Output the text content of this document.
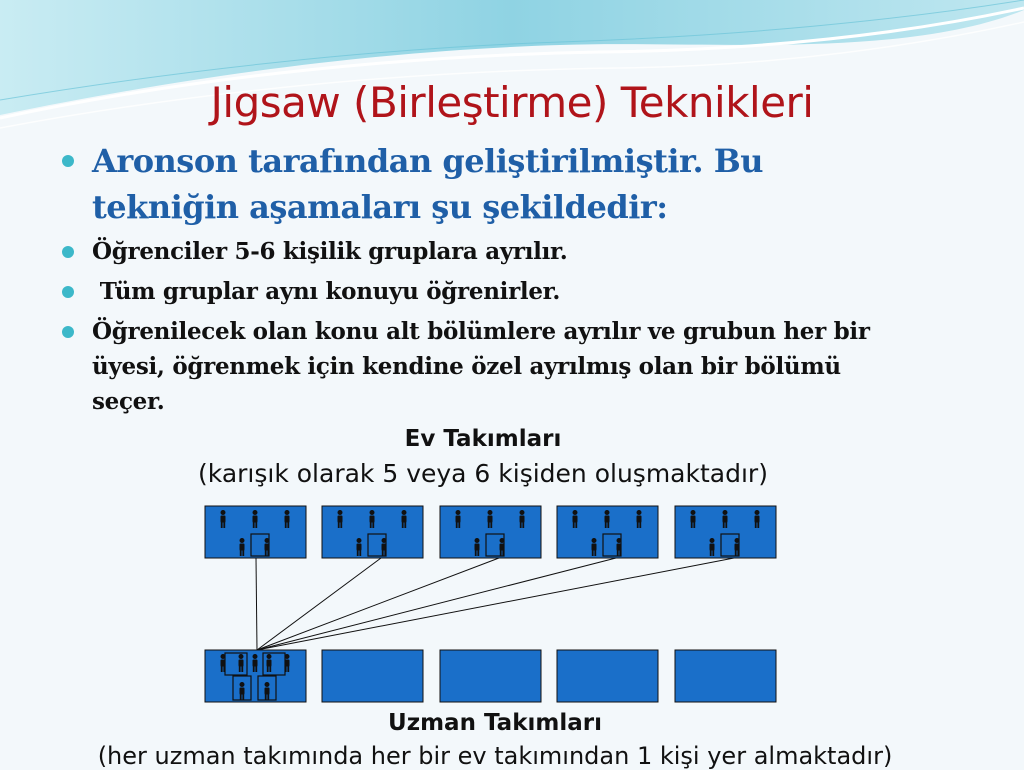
Jigsaw (Birleştirme) Teknikleri
Aronson tarafından geliştirilmiştir. Bu
tekniğin aşamaları şu şekildedir:
Öğrenciler 5-6 kişilik gruplara ayrılır.
Tüm gruplar aynı konuyu öğrenirler.
Öğrenilecek olan konu alt bölümlere ayrılır ve grubun her bir
üyesi, öğrenmek için kendine özel ayrılmış olan bir bölümü
seçer.
Ev Takımları
(karışık olarak 5 veya 6 kişiden oluşmaktadır)
Uzman Takımları
(her uzman takımında her bir ev takımından 1 kişi yer almaktadır)
